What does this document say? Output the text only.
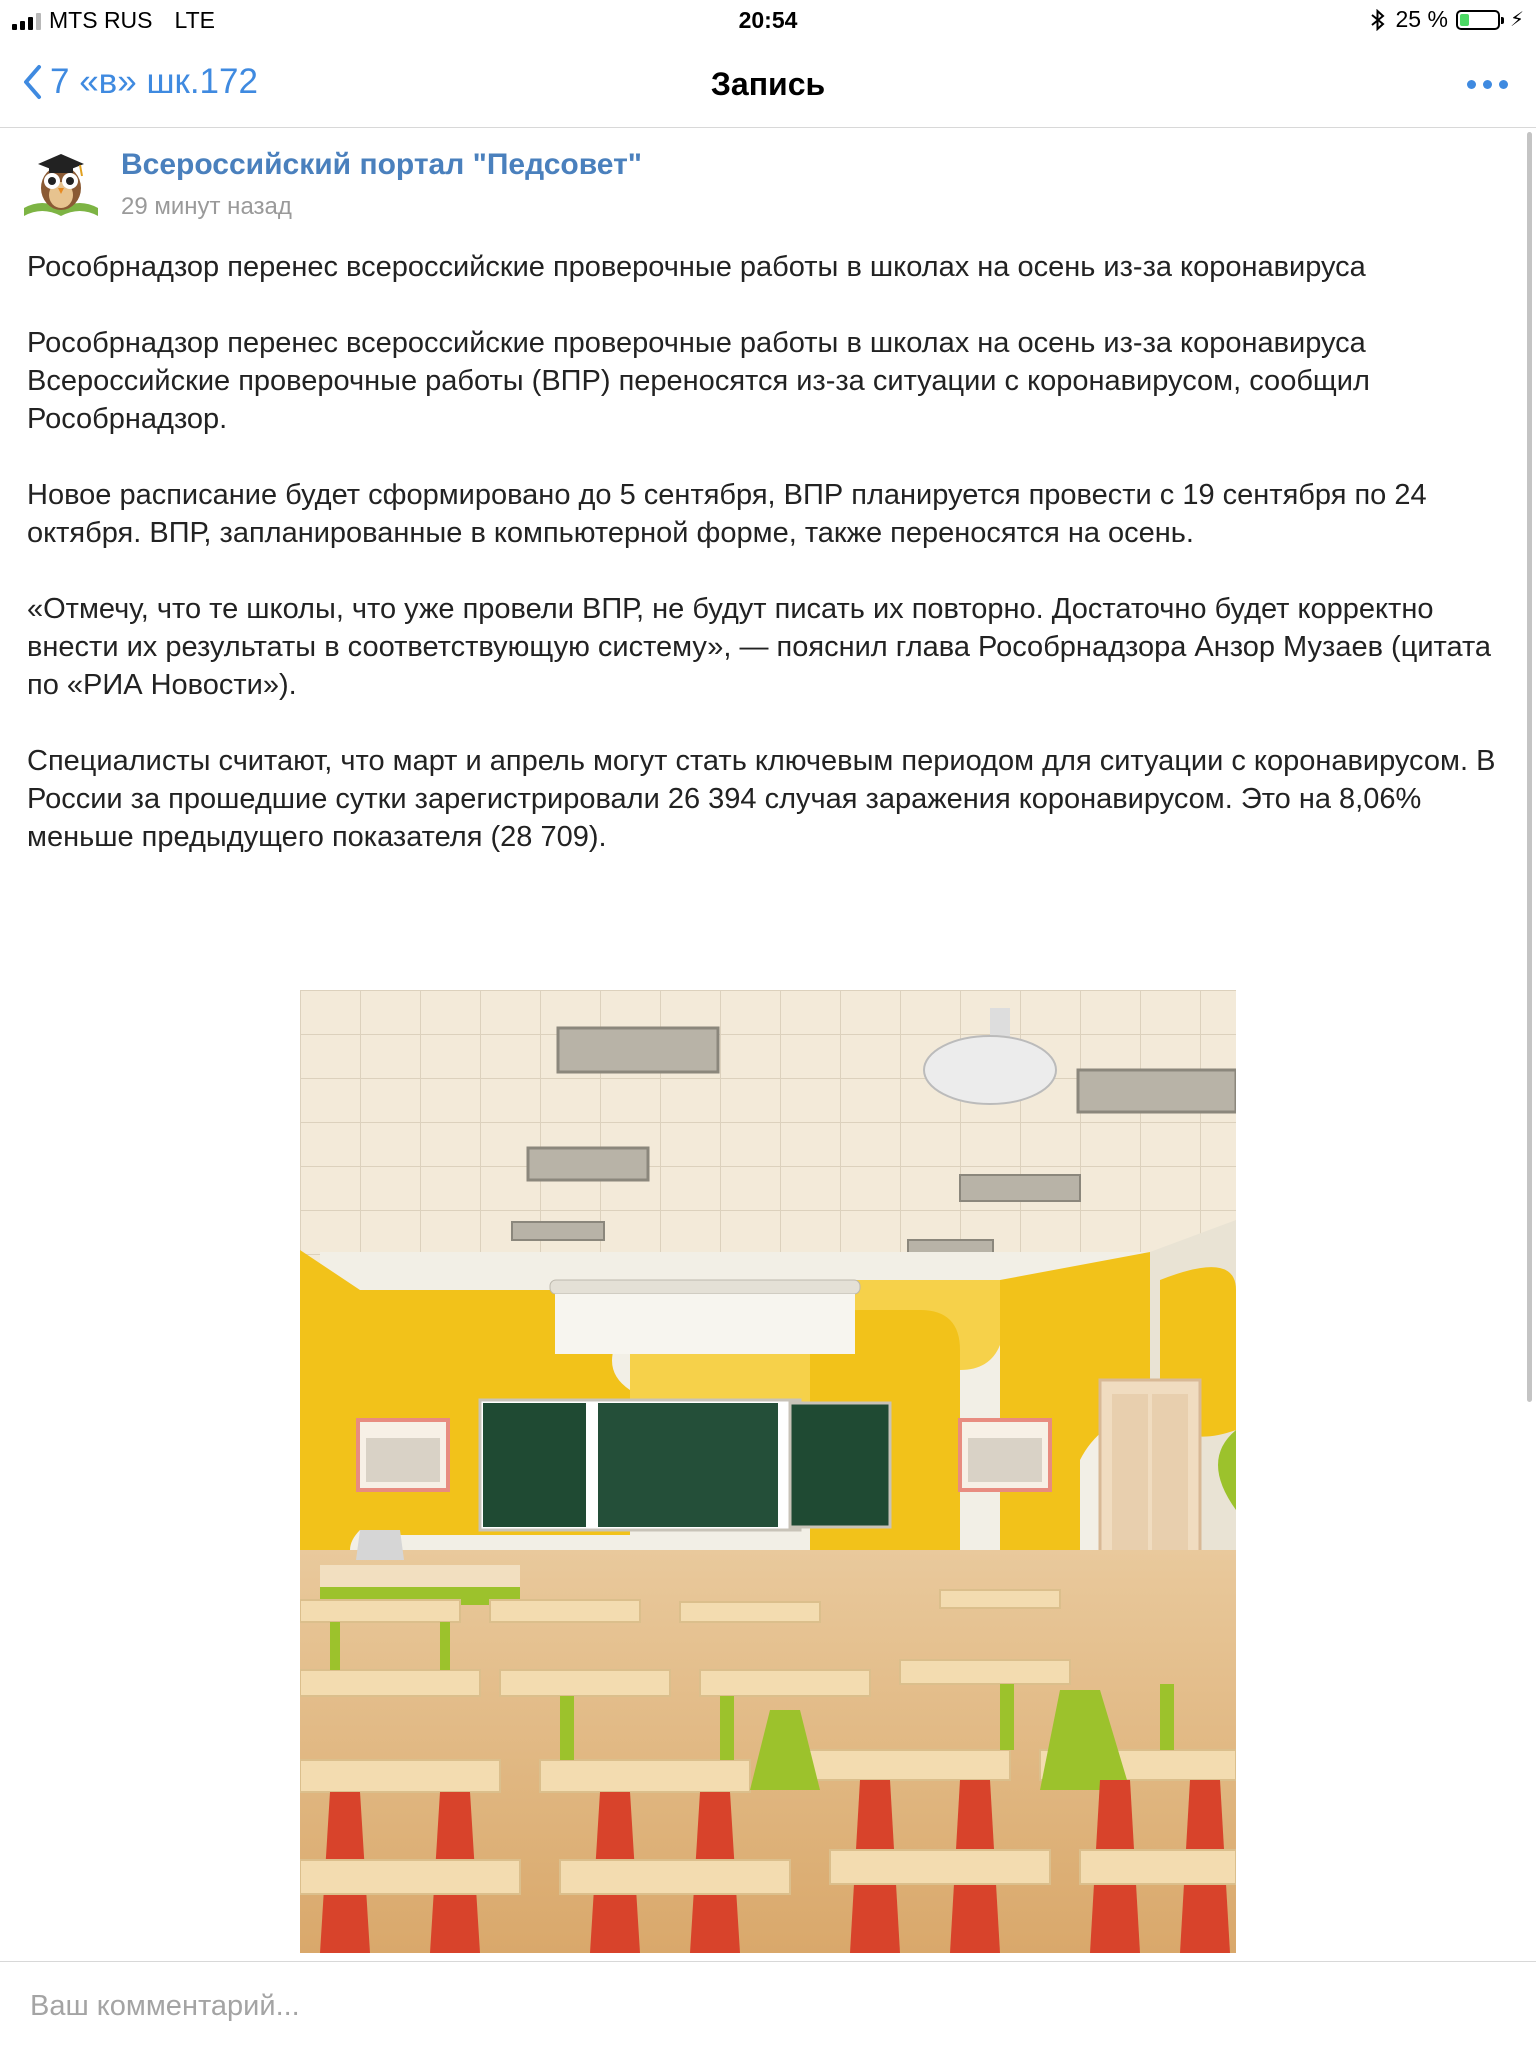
MTS RUS LTE	20:54	25 %	⚡
7 «в» шк.172	Запись
Всероссийский портал "Педсовет"
29 минут назад

Рособрнадзор перенес всероссийские проверочные работы в школах на осень из-за коронавируса

Рособрнадзор перенес всероссийские проверочные работы в школах на осень из-за коронавируса
Всероссийские проверочные работы (ВПР) переносятся из-за ситуации с коронавирусом, сообщил Рособрнадзор.

Новое расписание будет сформировано до 5 сентября, ВПР планируется провести с 19 сентября по 24 октября. ВПР, запланированные в компьютерной форме, также переносятся на осень.

«Отмечу, что те школы, что уже провели ВПР, не будут писать их повторно. Достаточно будет корректно внести их результаты в соответствующую систему», — пояснил глава Рособрнадзора Анзор Музаев (цитата по «РИА Новости»).

Специалисты считают, что март и апрель могут стать ключевым периодом для ситуации с коронавирусом. В России за прошедшие сутки зарегистрировали 26 394 случая заражения коронавирусом. Это на 8,06% меньше предыдущего показателя (28 709).

Ваш комментарий...
